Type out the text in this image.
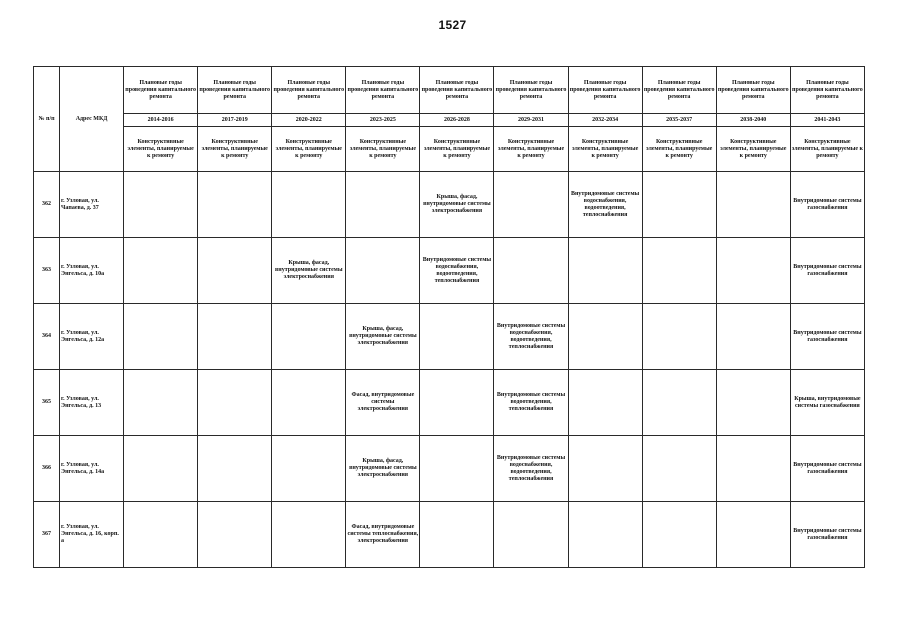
1527
№ п/п	Адрес МКД	Плановые годы проведения капитального ремонта	Плановые годы проведения капитального ремонта	Плановые годы проведения капитального ремонта	Плановые годы проведения капитального ремонта	Плановые годы проведения капитального ремонта	Плановые годы проведения капитального ремонта	Плановые годы проведения капитального ремонта	Плановые годы проведения капитального ремонта	Плановые годы проведения капитального ремонта	Плановые годы проведения капитального ремонта
		2014-2016	2017-2019	2020-2022	2023-2025	2026-2028	2029-2031	2032-2034	2035-2037	2038-2040	2041-2043
		Конструктивные элементы, планируемые к ремонту	Конструктивные элементы, планируемые к ремонту	Конструктивные элементы, планируемые к ремонту	Конструктивные элементы, планируемые к ремонту	Конструктивные элементы, планируемые к ремонту	Конструктивные элементы, планируемые к ремонту	Конструктивные элементы, планируемые к ремонту	Конструктивные элементы, планируемые к ремонту	Конструктивные элементы, планируемые к ремонту	Конструктивные элементы, планируемые к ремонту
362	г. Узловая, ул. Чапаева, д. 37					Крыша, фасад, внутридомовые системы электроснабжения		Внутридомовые системы водоснабжения, водоотведения, теплоснабжения			Внутридомовые системы газоснабжения
363	г. Узловая, ул. Энгельса, д. 10а			Крыша, фасад, внутридомовые системы электроснабжения		Внутридомовые системы водоснабжения, водоотведения, теплоснабжения					Внутридомовые системы газоснабжения
364	г. Узловая, ул. Энгельса, д. 12а				Крыша, фасад, внутридомовые системы электроснабжения		Внутридомовые системы водоснабжения, водоотведения, теплоснабжения				Внутридомовые системы газоснабжения
365	г. Узловая, ул. Энгельса, д. 13				Фасад, внутридомовые системы электроснабжения		Внутридомовые системы водоотведения, теплоснабжения				Крыша, внутридомовые системы газоснабжения
366	г. Узловая, ул. Энгельса, д. 14а				Крыша, фасад, внутридомовые системы электроснабжения		Внутридомовые системы водоснабжения, водоотведения, теплоснабжения				Внутридомовые системы газоснабжения
367	г. Узловая, ул. Энгельса, д. 16, корп. а				Фасад, внутридомовые системы теплоснабжения, электроснабжения						Внутридомовые системы газоснабжения
